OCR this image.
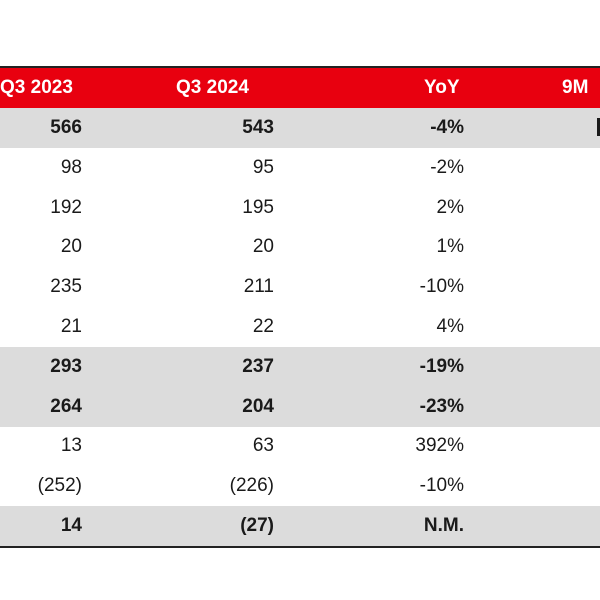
Q3 2023	Q3 2024	YoY	9M
566	543	-4%
98	95	-2%
192	195	2%
20	20	1%
235	211	-10%
21	22	4%
293	237	-19%
264	204	-23%
13	63	392%
(252)	(226)	-10%
14	(27)	N.M.
